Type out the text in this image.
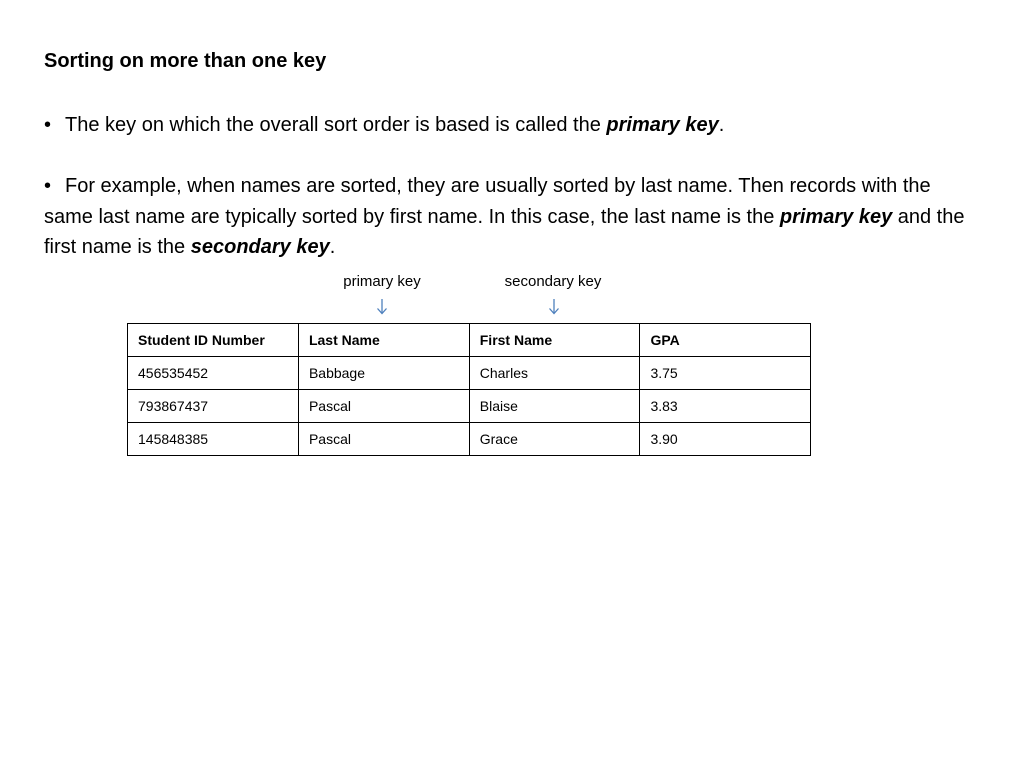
Sorting on more than one key
• The key on which the overall sort order is based is called the primary key.
• For example, when names are sorted, they are usually sorted by last name. Then records with the same last name are typically sorted by first name. In this case, the last name is the primary key and the first name is the secondary key.
primary key	secondary key
Student ID Number	Last Name	First Name	GPA
456535452	Babbage	Charles	3.75
793867437	Pascal	Blaise	3.83
145848385	Pascal	Grace	3.90
